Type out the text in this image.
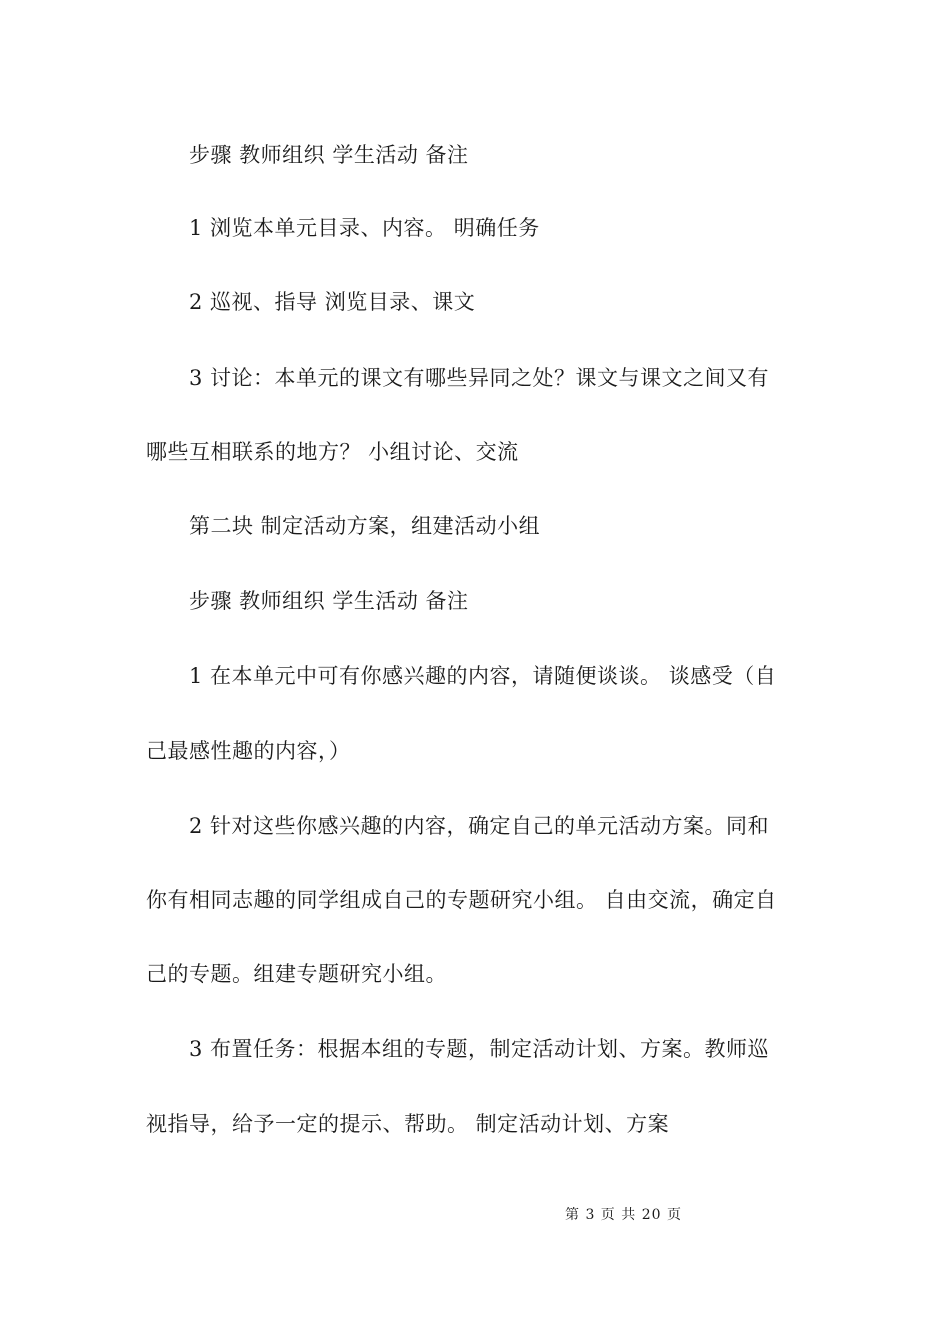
步骤 教师组织 学生活动 备注
1 浏览本单元目录、内容。 明确任务
2 巡视、指导 浏览目录、课文
3 讨论：本单元的课文有哪些异同之处？课文与课文之间又有
哪些互相联系的地方？ 小组讨论、交流
第二块 制定活动方案，组建活动小组
步骤 教师组织 学生活动 备注
1 在本单元中可有你感兴趣的内容，请随便谈谈。 谈感受（自
己最感性趣的内容，）
2 针对这些你感兴趣的内容，确定自己的单元活动方案。同和
你有相同志趣的同学组成自己的专题研究小组。 自由交流，确定自
己的专题。组建专题研究小组。
3 布置任务：根据本组的专题，制定活动计划、方案。教师巡
视指导，给予一定的提示、帮助。 制定活动计划、方案
第 3 页 共 20 页
